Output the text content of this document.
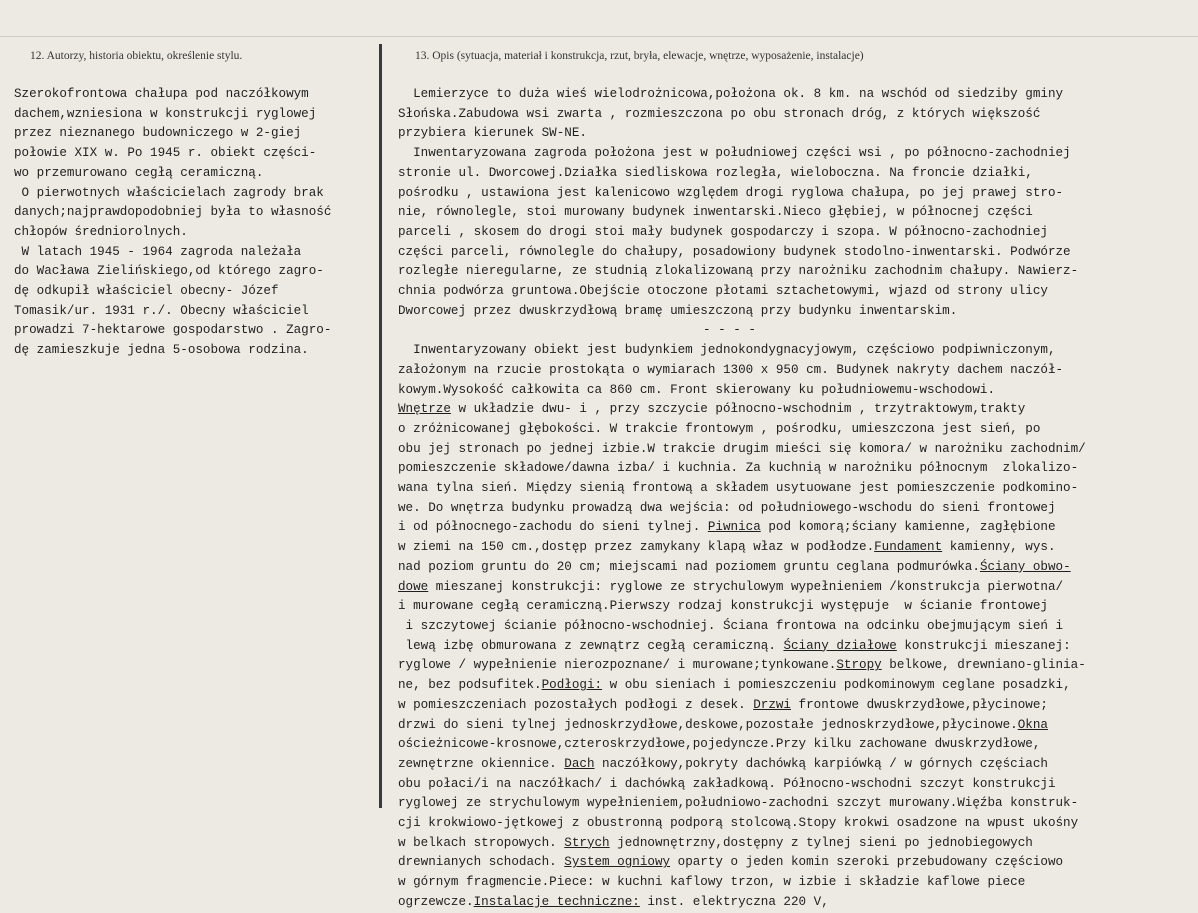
12. Autorzy, historia obiektu, określenie stylu.	13. Opis (sytuacja, materiał i konstrukcja, rzut, bryła, elewacje, wnętrze, wyposażenie, instalacje)
Szerokofrontowa chałupa pod naczółkowym
dachem,wzniesiona w konstrukcji ryglowej
przez nieznanego budowniczego w 2-giej
połowie XIX w. Po 1945 r. obiekt części-
wo przemurowano cegłą ceramiczną.
O pierwotnych właścicielach zagrody brak
danych;najprawdopodobniej była to własność
chłopów średniorolnych.
W latach 1945 - 1964 zagroda należała
do Wacława Zielińskiego,od którego zagro-
dę odkupił właściciel obecny- Józef
Tomasik/ur. 1931 r./. Obecny właściciel
prowadzi 7-hektarowe gospodarstwo . Zagro-
dę zamieszkuje jedna 5-osobowa rodzina.
Lemierzyce to duża wieś wielodrożnicowa,położona ok. 8 km. na wschód od siedziby gminy
Słońska.Zabudowa wsi zwarta , rozmieszczona po obu stronach dróg, z których większość
przybiera kierunek SW-NE.
Inwentaryzowana zagroda położona jest w południowej części wsi , po północno-zachodniej
stronie ul. Dworcowej.Działka siedliskowa rozległa, wieloboczna. Na froncie działki,
pośrodku , ustawiona jest kalenicowo względem drogi ryglowa chałupa, po jej prawej stro-
nie, równolegle, stoi murowany budynek inwentarski.Nieco głębiej, w północnej części
parceli , skosem do drogi stoi mały budynek gospodarczy i szopa. W północno-zachodniej
części parceli, równolegle do chałupy, posadowiony budynek stodolno-inwentarski. Podwórze
rozległe nieregularne, ze studnią zlokalizowaną przy narożniku zachodnim chałupy. Nawierz-
chnia podwórza gruntowa.Obejście otoczone płotami sztachetowymi, wjazd od strony ulicy
Dworcowej przez dwuskrzydłową bramę umieszczoną przy budynku inwentarskim.
- - - -
Inwentaryzowany obiekt jest budynkiem jednokondygnacyjowym, częściowo podpiwniczonym,
założonym na rzucie prostokąta o wymiarach 1300 x 950 cm. Budynek nakryty dachem naczół-
kowym.Wysokość całkowita ca 860 cm. Front skierowany ku południowemu-wschodowi.
Wnętrze w układzie dwu- i , przy szczycie północno-wschodnim , trzytraktowym,trakty
o zróżnicowanej głębokości. W trakcie frontowym , pośrodku, umieszczona jest sień, po
obu jej stronach po jednej izbie.W trakcie drugim mieści się komora/ w narożniku zachodnim/
pomieszczenie składowe/dawna izba/ i kuchnia. Za kuchnią w narożniku północnym  zlokalizo-
wana tylna sień. Między sienią frontową a składem usytuowane jest pomieszczenie podkomino-
we. Do wnętrza budynku prowadzą dwa wejścia: od południowego-wschodu do sieni frontowej
i od północnego-zachodu do sieni tylnej. Piwnica pod komorą;ściany kamienne, zagłębione
w ziemi na 150 cm.,dostęp przez zamykany klapą właz w podłodze.Fundament kamienny, wys.
nad poziom gruntu do 20 cm; miejscami nad poziomem gruntu ceglana podmurówka.Ściany obwo-
dowe mieszanej konstrukcji: ryglowe ze strychulowym wypełnieniem /konstrukcja pierwotna/
i murowane cegłą ceramiczną.Pierwszy rodzaj konstrukcji występuje  w ścianie frontowej
i szczytowej ścianie północno-wschodniej. Ściana frontowa na odcinku obejmującym sień i
lewą izbę obmurowana z zewnątrz cegłą ceramiczną. Ściany działowe konstrukcji mieszanej:
ryglowe / wypełnienie nierozpoznane/ i murowane;tynkowane.Stropy belkowe, drewniano-glinia-
ne, bez podsufitek.Podłogi: w obu sieniach i pomieszczeniu podkominowym ceglane posadzki,
w pomieszczeniach pozostałych podłogi z desek. Drzwi frontowe dwuskrzydłowe,płycinowe;
drzwi do sieni tylnej jednoskrzydłowe,deskowe,pozostałe jednoskrzydłowe,płycinowe.Okna
ościeżnicowe-krosnowe,czteroskrzydłowe,pojedyncze.Przy kilku zachowane dwuskrzydłowe,
zewnętrzne okiennice. Dach naczółkowy,pokryty dachówką karpiówką / w górnych częściach
obu połaci/i na naczółkach/ i dachówką zakładkową. Północno-wschodni szczyt konstrukcji
ryglowej ze strychulowym wypełnieniem,południowo-zachodni szczyt murowany.Więźba konstruk-
cji krokwiowo-jętkowej z obustronną podporą stolcową.Stopy krokwi osadzone na wpust ukośny
w belkach stropowych. Strych jednownętrzny,dostępny z tylnej sieni po jednobiegowych
drewnianych schodach. System ogniowy oparty o jeden komin szeroki przebudowany częściowo
w górnym fragmencie.Piece: w kuchni kaflowy trzon, w izbie i składzie kaflowe piece
ogrzewcze.Instalacje techniczne: inst. elektryczna 220 V,
